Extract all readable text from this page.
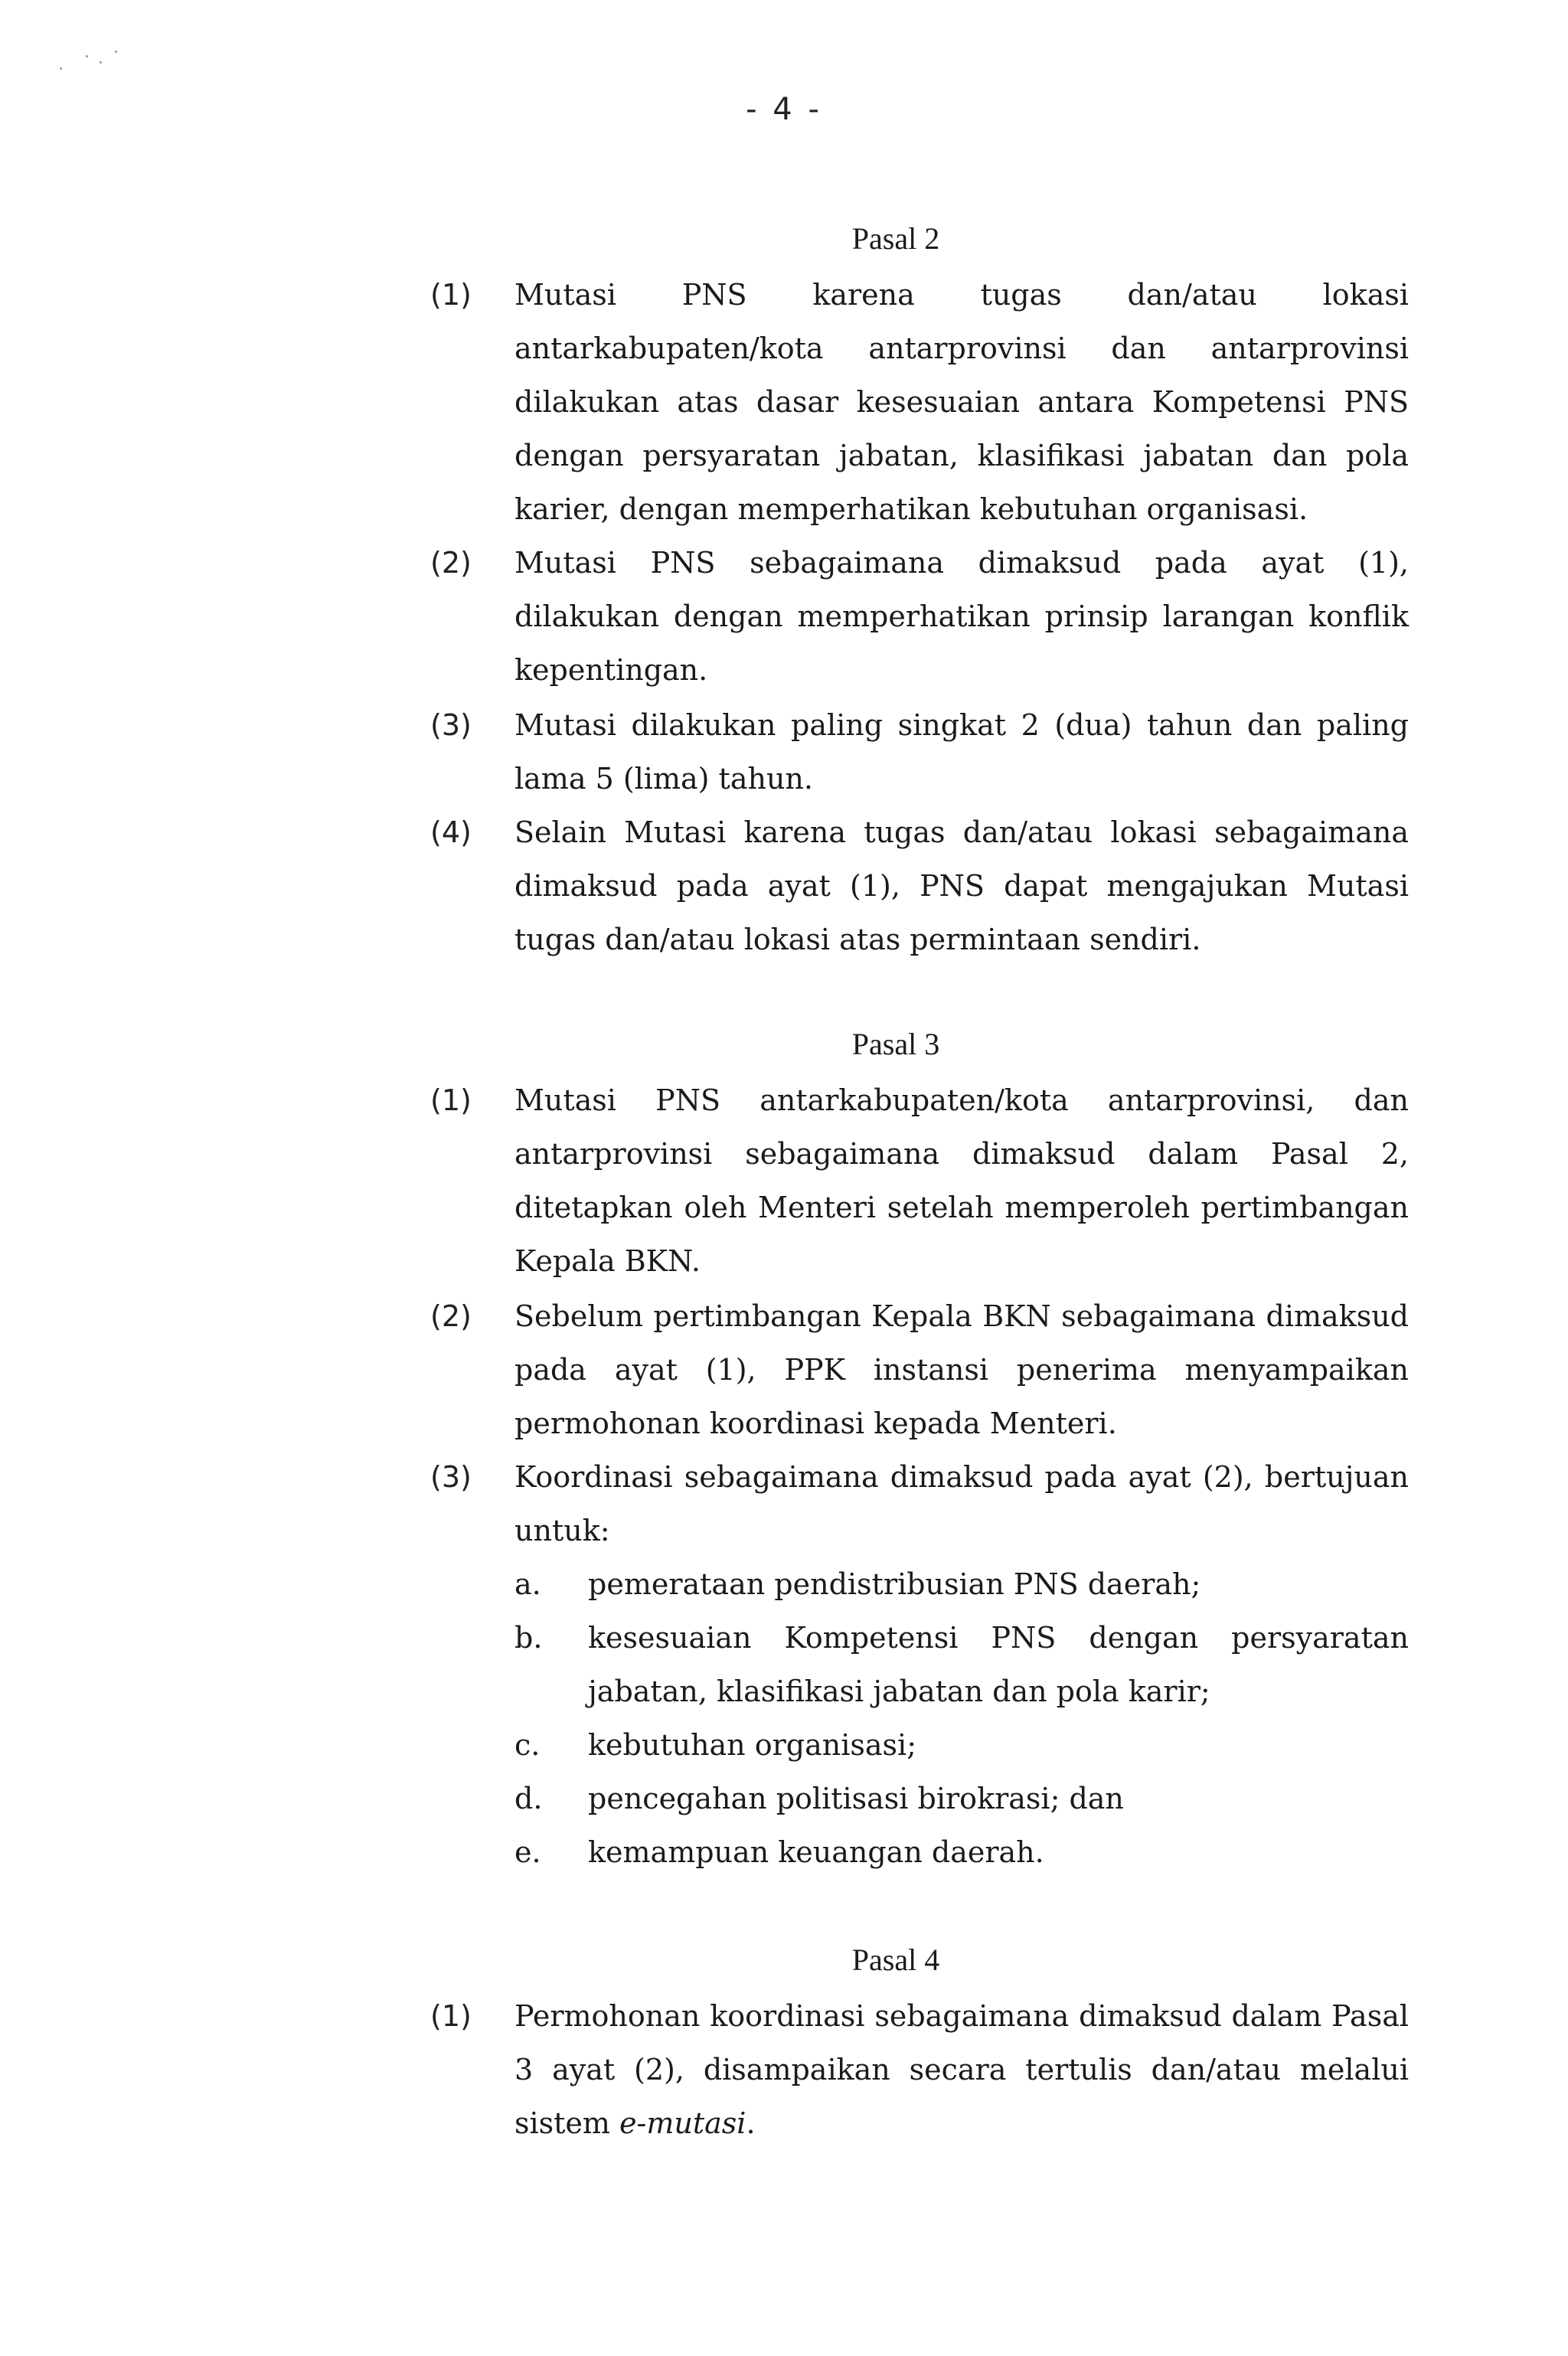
- 4 -
Pasal 2
(1) Mutasi PNS karena tugas dan/atau lokasi antarkabupaten/kota antarprovinsi dan antarprovinsi dilakukan atas dasar kesesuaian antara Kompetensi PNS dengan persyaratan jabatan, klasifikasi jabatan dan pola karier, dengan memperhatikan kebutuhan organisasi.
(2) Mutasi PNS sebagaimana dimaksud pada ayat (1), dilakukan dengan memperhatikan prinsip larangan konflik kepentingan.
(3) Mutasi dilakukan paling singkat 2 (dua) tahun dan paling lama 5 (lima) tahun.
(4) Selain Mutasi karena tugas dan/atau lokasi sebagaimana dimaksud pada ayat (1), PNS dapat mengajukan Mutasi tugas dan/atau lokasi atas permintaan sendiri.
Pasal 3
(1) Mutasi PNS antarkabupaten/kota antarprovinsi, dan antarprovinsi sebagaimana dimaksud dalam Pasal 2, ditetapkan oleh Menteri setelah memperoleh pertimbangan Kepala BKN.
(2) Sebelum pertimbangan Kepala BKN sebagaimana dimaksud pada ayat (1), PPK instansi penerima menyampaikan permohonan koordinasi kepada Menteri.
(3) Koordinasi sebagaimana dimaksud pada ayat (2), bertujuan untuk:
a. pemerataan pendistribusian PNS daerah;
b. kesesuaian Kompetensi PNS dengan persyaratan jabatan, klasifikasi jabatan dan pola karir;
c. kebutuhan organisasi;
d. pencegahan politisasi birokrasi; dan
e. kemampuan keuangan daerah.
Pasal 4
(1) Permohonan koordinasi sebagaimana dimaksud dalam Pasal 3 ayat (2), disampaikan secara tertulis dan/atau melalui sistem e-mutasi.
